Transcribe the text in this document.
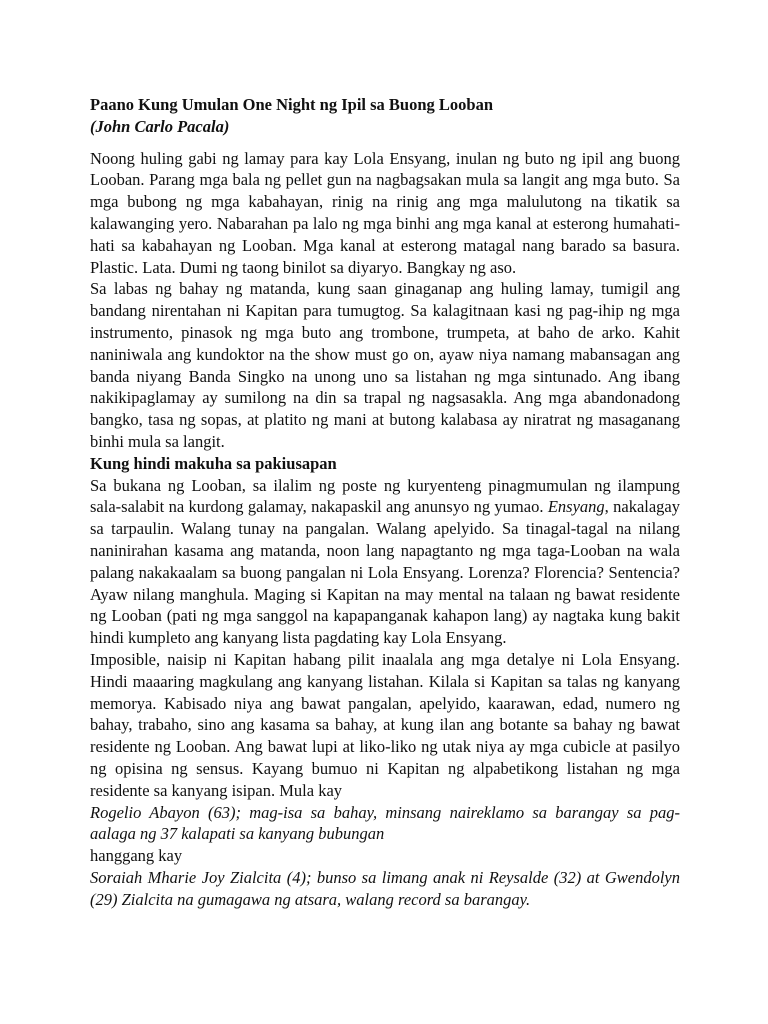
Paano Kung Umulan One Night ng Ipil sa Buong Looban

(John Carlo Pacala)

Noong huling gabi ng lamay para kay Lola Ensyang, inulan ng buto ng ipil ang buong Looban. Parang mga bala ng pellet gun na nagbagsakan mula sa langit ang mga buto. Sa mga bubong ng mga kabahayan, rinig na rinig ang mga malulutong na tikatik sa kalawanging yero. Nabarahan pa lalo ng mga binhi ang mga kanal at esterong humahati-hati sa kabahayan ng Looban. Mga kanal at esterong matagal nang barado sa basura. Plastic. Lata. Dumi ng taong binilot sa diyaryo. Bangkay ng aso.

Sa labas ng bahay ng matanda, kung saan ginaganap ang huling lamay, tumigil ang bandang nirentahan ni Kapitan para tumugtog. Sa kalagitnaan kasi ng pag-ihip ng mga instrumento, pinasok ng mga buto ang trombone, trumpeta, at baho de arko. Kahit naniniwala ang kundoktor na the show must go on, ayaw niya namang mabansagan ang banda niyang Banda Singko na unong uno sa listahan ng mga sintunado. Ang ibang nakikipaglamay ay sumilong na din sa trapal ng nagsasakla. Ang mga abandonadong bangko, tasa ng sopas, at platito ng mani at butong kalabasa ay niratrat ng masaganang binhi mula sa langit.

Kung hindi makuha sa pakiusapan

Sa bukana ng Looban, sa ilalim ng poste ng kuryenteng pinagmumulan ng ilampung sala-salabit na kurdong galamay, nakapaskil ang anunsyo ng yumao. Ensyang, nakalagay sa tarpaulin. Walang tunay na pangalan. Walang apelyido. Sa tinagal-tagal na nilang naninirahan kasama ang matanda, noon lang napagtanto ng mga taga-Looban na wala palang nakakaalam sa buong pangalan ni Lola Ensyang. Lorenza? Florencia? Sentencia? Ayaw nilang manghula. Maging si Kapitan na may mental na talaan ng bawat residente ng Looban (pati ng mga sanggol na kapapanganak kahapon lang) ay nagtaka kung bakit hindi kumpleto ang kanyang lista pagdating kay Lola Ensyang.

Imposible, naisip ni Kapitan habang pilit inaalala ang mga detalye ni Lola Ensyang. Hindi maaaring magkulang ang kanyang listahan. Kilala si Kapitan sa talas ng kanyang memorya. Kabisado niya ang bawat pangalan, apelyido, kaarawan, edad, numero ng bahay, trabaho, sino ang kasama sa bahay, at kung ilan ang botante sa bahay ng bawat residente ng Looban. Ang bawat lupi at liko-liko ng utak niya ay mga cubicle at pasilyo ng opisina ng sensus. Kayang bumuo ni Kapitan ng alpabetikong listahan ng mga residente sa kanyang isipan. Mula kay

Rogelio Abayon (63); mag-isa sa bahay, minsang naireklamo sa barangay sa pag-aalaga ng 37 kalapati sa kanyang bubungan

hanggang kay

Soraiah Mharie Joy Zialcita (4); bunso sa limang anak ni Reysalde (32) at Gwendolyn (29) Zialcita na gumagawa ng atsara, walang record sa barangay.
